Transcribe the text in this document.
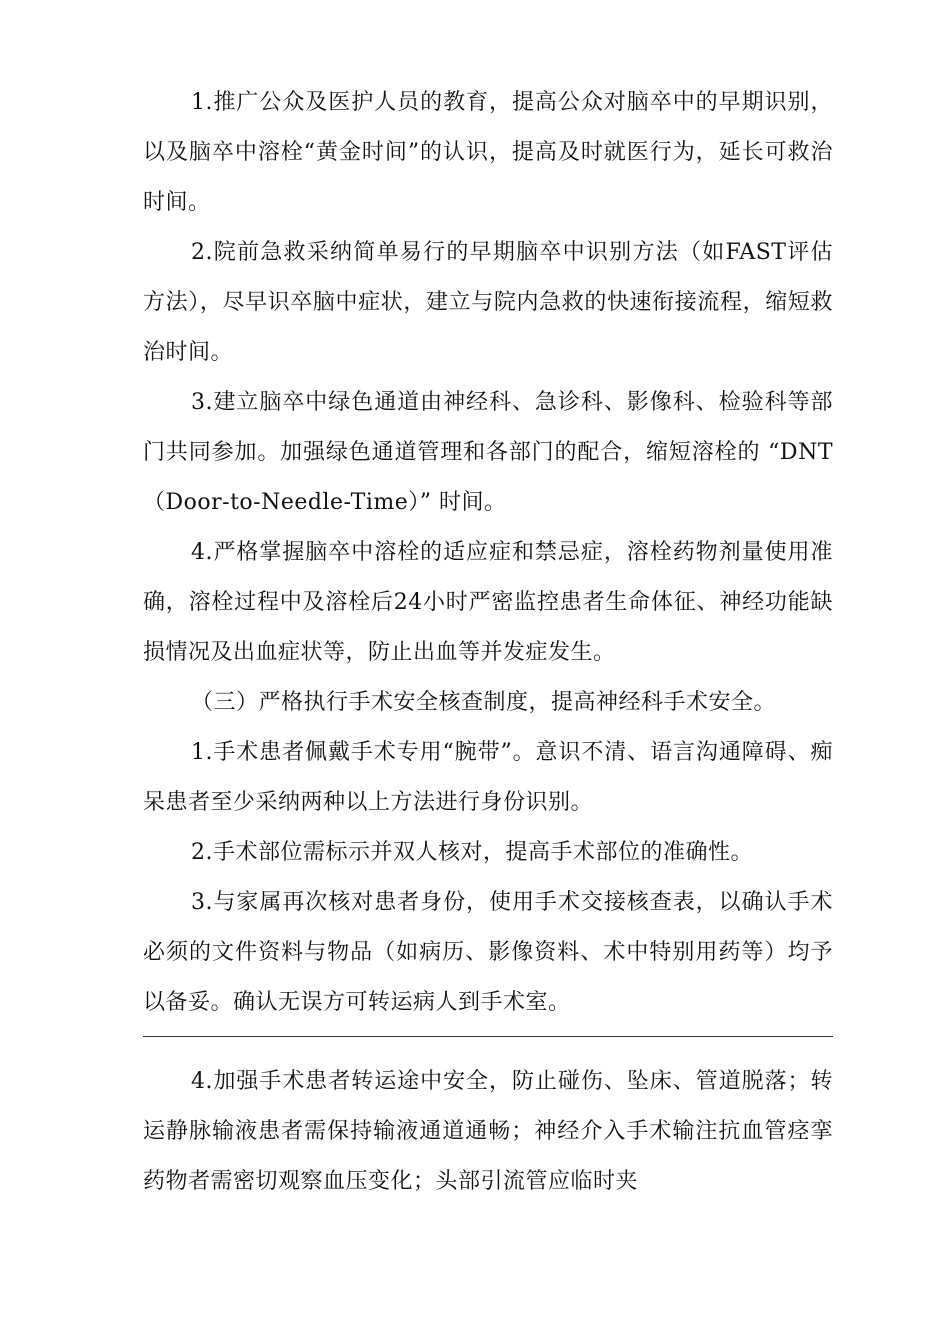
1.推广公众及医护人员的教育，提高公众对脑卒中的早期识别，以及脑卒中溶栓“黄金时间”的认识，提高及时就医行为，延长可救治时间。

2.院前急救采纳简单易行的早期脑卒中识别方法（如FAST评估方法），尽早识卒脑中症状，建立与院内急救的快速衔接流程，缩短救治时间。

3.建立脑卒中绿色通道由神经科、急诊科、影像科、检验科等部门共同参加。加强绿色通道管理和各部门的配合，缩短溶栓的 “DNT（Door-to-Needle-Time）” 时间。

4.严格掌握脑卒中溶栓的适应症和禁忌症，溶栓药物剂量使用准确，溶栓过程中及溶栓后24小时严密监控患者生命体征、神经功能缺损情况及出血症状等，防止出血等并发症发生。

（三）严格执行手术安全核查制度，提高神经科手术安全。

1.手术患者佩戴手术专用“腕带”。意识不清、语言沟通障碍、痴呆患者至少采纳两种以上方法进行身份识别。

2.手术部位需标示并双人核对，提高手术部位的准确性。

3.与家属再次核对患者身份，使用手术交接核查表，以确认手术必须的文件资料与物品（如病历、影像资料、术中特别用药等）均予以备妥。确认无误方可转运病人到手术室。

4.加强手术患者转运途中安全，防止碰伤、坠床、管道脱落；转运静脉输液患者需保持输液通道通畅；神经介入手术输注抗血管痉挛药物者需密切观察血压变化；头部引流管应临时夹
